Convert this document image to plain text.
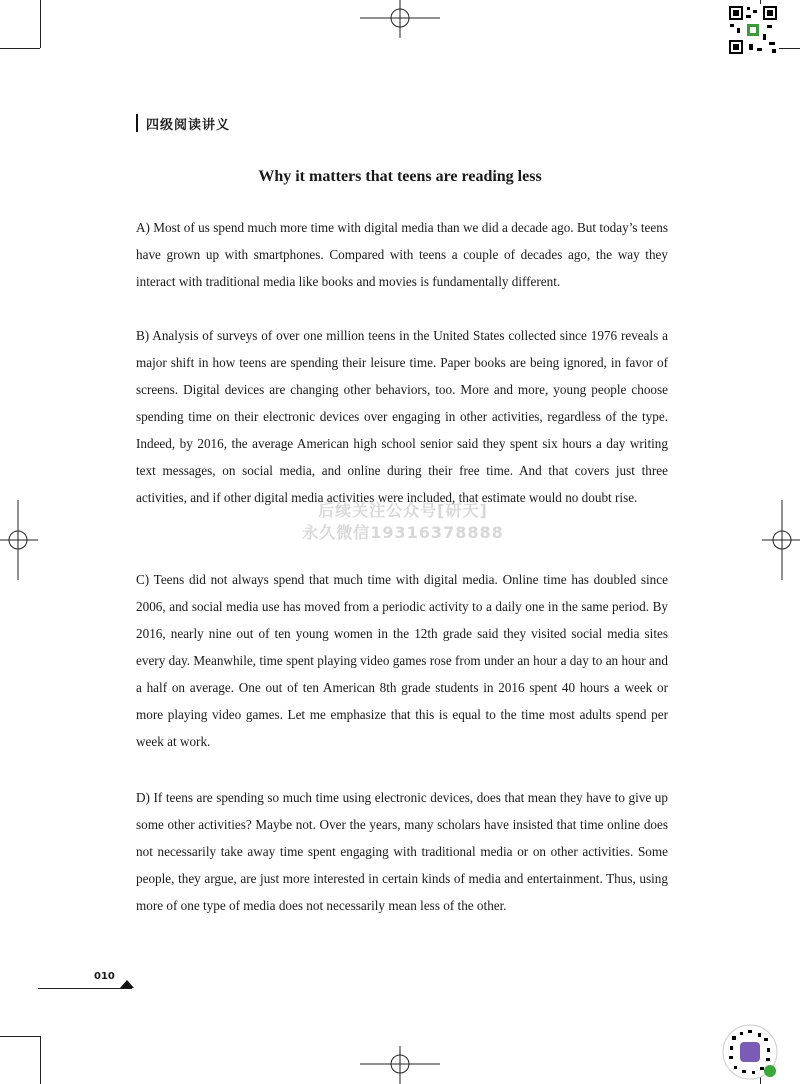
四级阅读讲义
Why it matters that teens are reading less
A) Most of us spend much more time with digital media than we did a decade ago. But today’s teens have grown up with smartphones. Compared with teens a couple of decades ago, the way they interact with traditional media like books and movies is fundamentally different.
B) Analysis of surveys of over one million teens in the United States collected since 1976 reveals a major shift in how teens are spending their leisure time. Paper books are being ignored, in favor of screens. Digital devices are changing other behaviors, too. More and more, young people choose spending time on their electronic devices over engaging in other activities, regardless of the type. Indeed, by 2016, the average American high school senior said they spent six hours a day writing text messages, on social media, and online during their free time. And that covers just three activities, and if other digital media activities were included, that estimate would no doubt rise.
C) Teens did not always spend that much time with digital media. Online time has doubled since 2006, and social media use has moved from a periodic activity to a daily one in the same period. By 2016, nearly nine out of ten young women in the 12th grade said they visited social media sites every day. Meanwhile, time spent playing video games rose from under an hour a day to an hour and a half on average. One out of ten American 8th grade students in 2016 spent 40 hours a week or more playing video games. Let me emphasize that this is equal to the time most adults spend per week at work.
D) If teens are spending so much time using electronic devices, does that mean they have to give up some other activities? Maybe not. Over the years, many scholars have insisted that time online does not necessarily take away time spent engaging with traditional media or on other activities. Some people, they argue, are just more interested in certain kinds of media and entertainment. Thus, using more of one type of media does not necessarily mean less of the other.
后续关注公众号[研天]
永久微信19316378888
010
